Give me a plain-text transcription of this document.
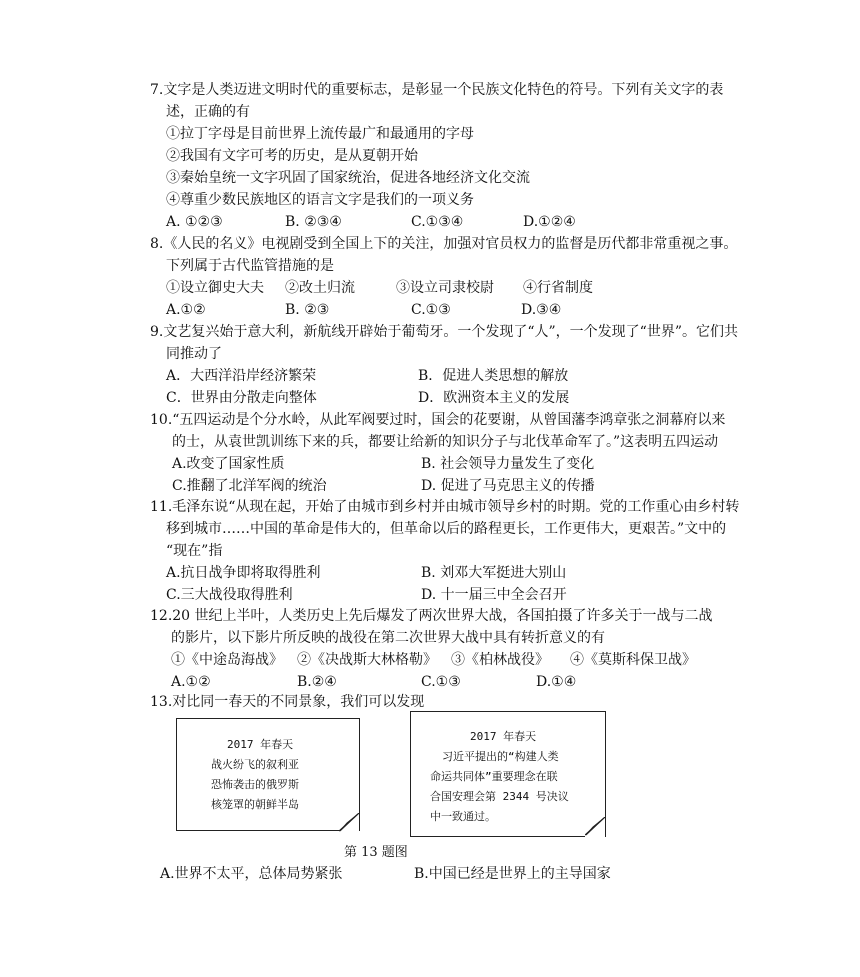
7.文字是人类迈进文明时代的重要标志，是彰显一个民族文化特色的符号。下列有关文字的表
述，正确的有
①拉丁字母是目前世界上流传最广和最通用的字母
②我国有文字可考的历史，是从夏朝开始
③秦始皇统一文字巩固了国家统治，促进各地经济文化交流
④尊重少数民族地区的语言文字是我们的一项义务
A. ①②③	B. ②③④	C.①③④	D.①②④
8.《人民的名义》电视剧受到全国上下的关注，加强对官员权力的监督是历代都非常重视之事。
下列属于古代监管措施的是
①设立御史大夫 ②改土归流	③设立司隶校尉 ④行省制度
A.①②	B. ②③	C.①③	D.③④
9.文艺复兴始于意大利，新航线开辟始于葡萄牙。一个发现了“人”，一个发现了“世界”。它们共
同推动了
A．大西洋沿岸经济繁荣	B．促进人类思想的解放
C．世界由分散走向整体	D．欧洲资本主义的发展
10.“五四运动是个分水岭，从此军阀要过时，国会的花要谢，从曾国藩李鸿章张之洞幕府以来
的士，从袁世凯训练下来的兵，都要让给新的知识分子与北伐革命军了。”这表明五四运动
A.改变了国家性质	B. 社会领导力量发生了变化
C.推翻了北洋军阀的统治	D. 促进了马克思主义的传播
11.毛泽东说“从现在起，开始了由城市到乡村并由城市领导乡村的时期。党的工作重心由乡村转
移到城市……中国的革命是伟大的，但革命以后的路程更长，工作更伟大，更艰苦。”文中的
“现在”指
A.抗日战争即将取得胜利	B. 刘邓大军挺进大别山
C.三大战役取得胜利	D. 十一届三中全会召开
12.20 世纪上半叶，人类历史上先后爆发了两次世界大战，各国拍摄了许多关于一战与二战
的影片，以下影片所反映的战役在第二次世界大战中具有转折意义的有
①《中途岛海战》 ②《决战斯大林格勒》 ③《柏林战役》 ④《莫斯科保卫战》
A.①②	B.②④	C.①③	D.①④
13.对比同一春天的不同景象，我们可以发现
2017 年春天
战火纷飞的叙利亚
恐怖袭击的俄罗斯
核笼罩的朝鲜半岛
2017 年春天
习近平提出的“构建人类
命运共同体”重要理念在联
合国安理会第 2344 号决议
中一致通过。
第 13 题图
A.世界不太平，总体局势紧张	B.中国已经是世界上的主导国家
